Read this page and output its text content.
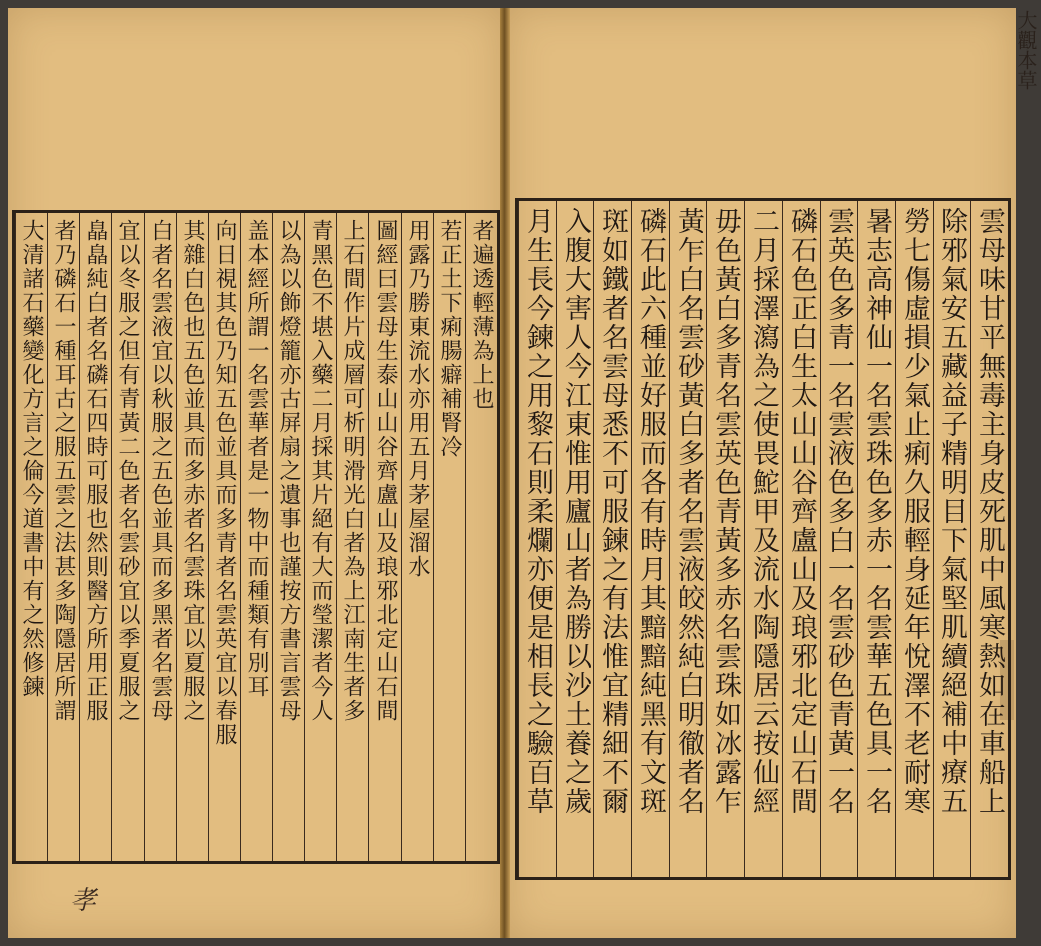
者遍透輕薄為上也
若正土下痢腸癖補腎冷
用露乃勝東流水亦用五月茅屋溜水
圖經曰雲母生泰山山谷齊盧山及琅邪北定山石間
上石間作片成層可析明滑光白者為上江南生者多
青黑色不堪入藥二月採其片絕有大而瑩潔者今人
以為以飾燈籠亦古屏扇之遺事也謹按方書言雲母
盖本經所謂一名雲華者是一物中而種類有別耳
向日視其色乃知五色並具而多青者名雲英宜以春服
其雜白色也五色並具而多赤者名雲珠宜以夏服之
白者名雲液宜以秋服之五色並具而多黑者名雲母
宜以冬服之但有青黃二色者名雲砂宜以季夏服之
皛皛純白者名磷石四時可服也然則醫方所用正服
者乃磷石一種耳古之服五雲之法甚多陶隱居所謂
大清諸石藥變化方言之倫今道書中有之然修鍊	雲母味甘平無毒主身皮死肌中風寒熱如在車船上
除邪氣安五藏益子精明目下氣堅肌續絕補中療五
勞七傷虛損少氣止痢久服輕身延年悅澤不老耐寒
暑志高神仙一名雲珠色多赤一名雲華五色具一名
雲英色多青一名雲液色多白一名雲砂色青黃一名
磷石色正白生太山山谷齊盧山及琅邪北定山石間
二月採澤瀉為之使畏鮀甲及流水陶隱居云按仙經
毋色黃白多青名雲英色青黃多赤名雲珠如冰露乍
黃乍白名雲砂黃白多者名雲液皎然純白明徹者名
磷石此六種並好服而各有時月其黯黯純黑有文斑
斑如鐵者名雲母悉不可服鍊之有法惟宜精細不爾
入腹大害人今江東惟用廬山者為勝以沙土養之歲
月生長今鍊之用黎石則柔爛亦便是相長之驗百草
孝
大觀本草
